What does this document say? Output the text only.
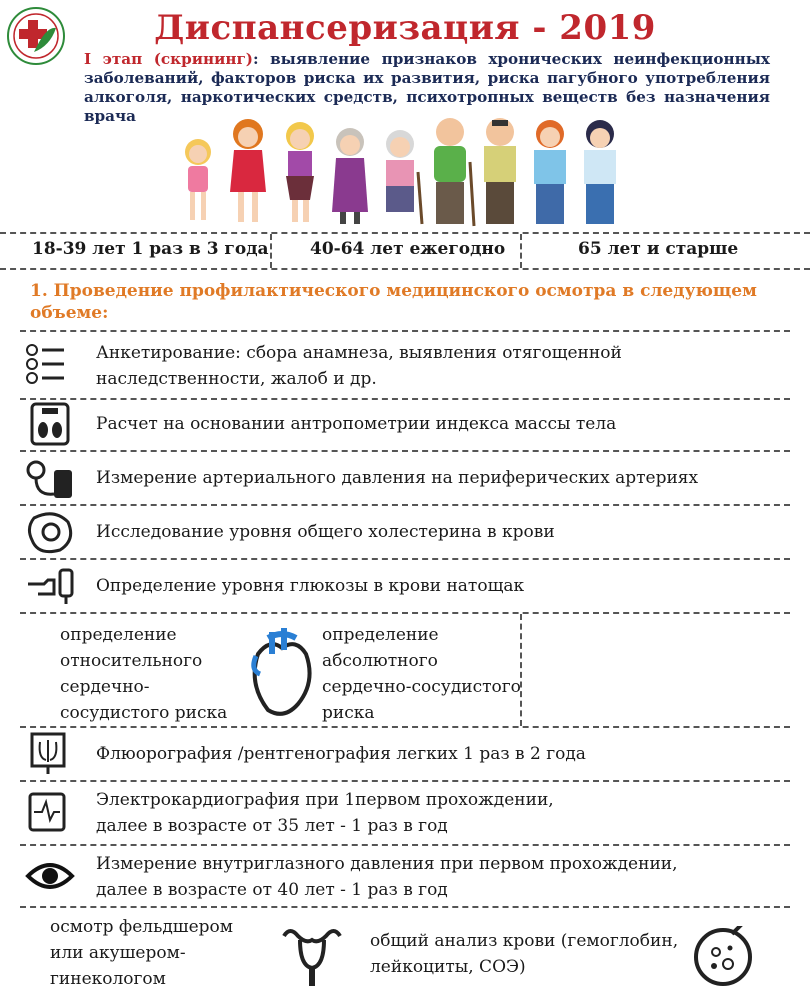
Диспансеризация - 2019
I этап (скрининг): выявление признаков хронических неинфекционных заболеваний, факторов риска их развития, риска пагубного употребления алкоголя, наркотических средств, психотропных веществ без назначения врача
18-39 лет 1 раз в 3 года 40-64 лет ежегодно	65 лет и старше
1. Проведение профилактического медицинского осмотра в следующем объеме:
Анкетирование: сбора анамнеза, выявления отягощенной наследственности, жалоб и др.
Расчет на основании антропометрии индекса массы тела
Измерение артериального давления на периферических артериях
Исследование уровня общего холестерина в крови
Определение уровня глюкозы в крови натощак
определение относительного сердечно-сосудистого риска
определение абсолютного сердечно-сосудистого риска
Флюорография /рентгенография легких 1 раз в 2 года
Электрокардиография при 1первом прохождении,
далее в возрасте от 35 лет - 1 раз в год
Измерение внутриглазного давления при первом прохождении,
далее в возрасте от 40 лет - 1 раз в год
осмотр фельдшером или акушером-гинекологом
общий анализ крови (гемоглобин, лейкоциты, СОЭ)
